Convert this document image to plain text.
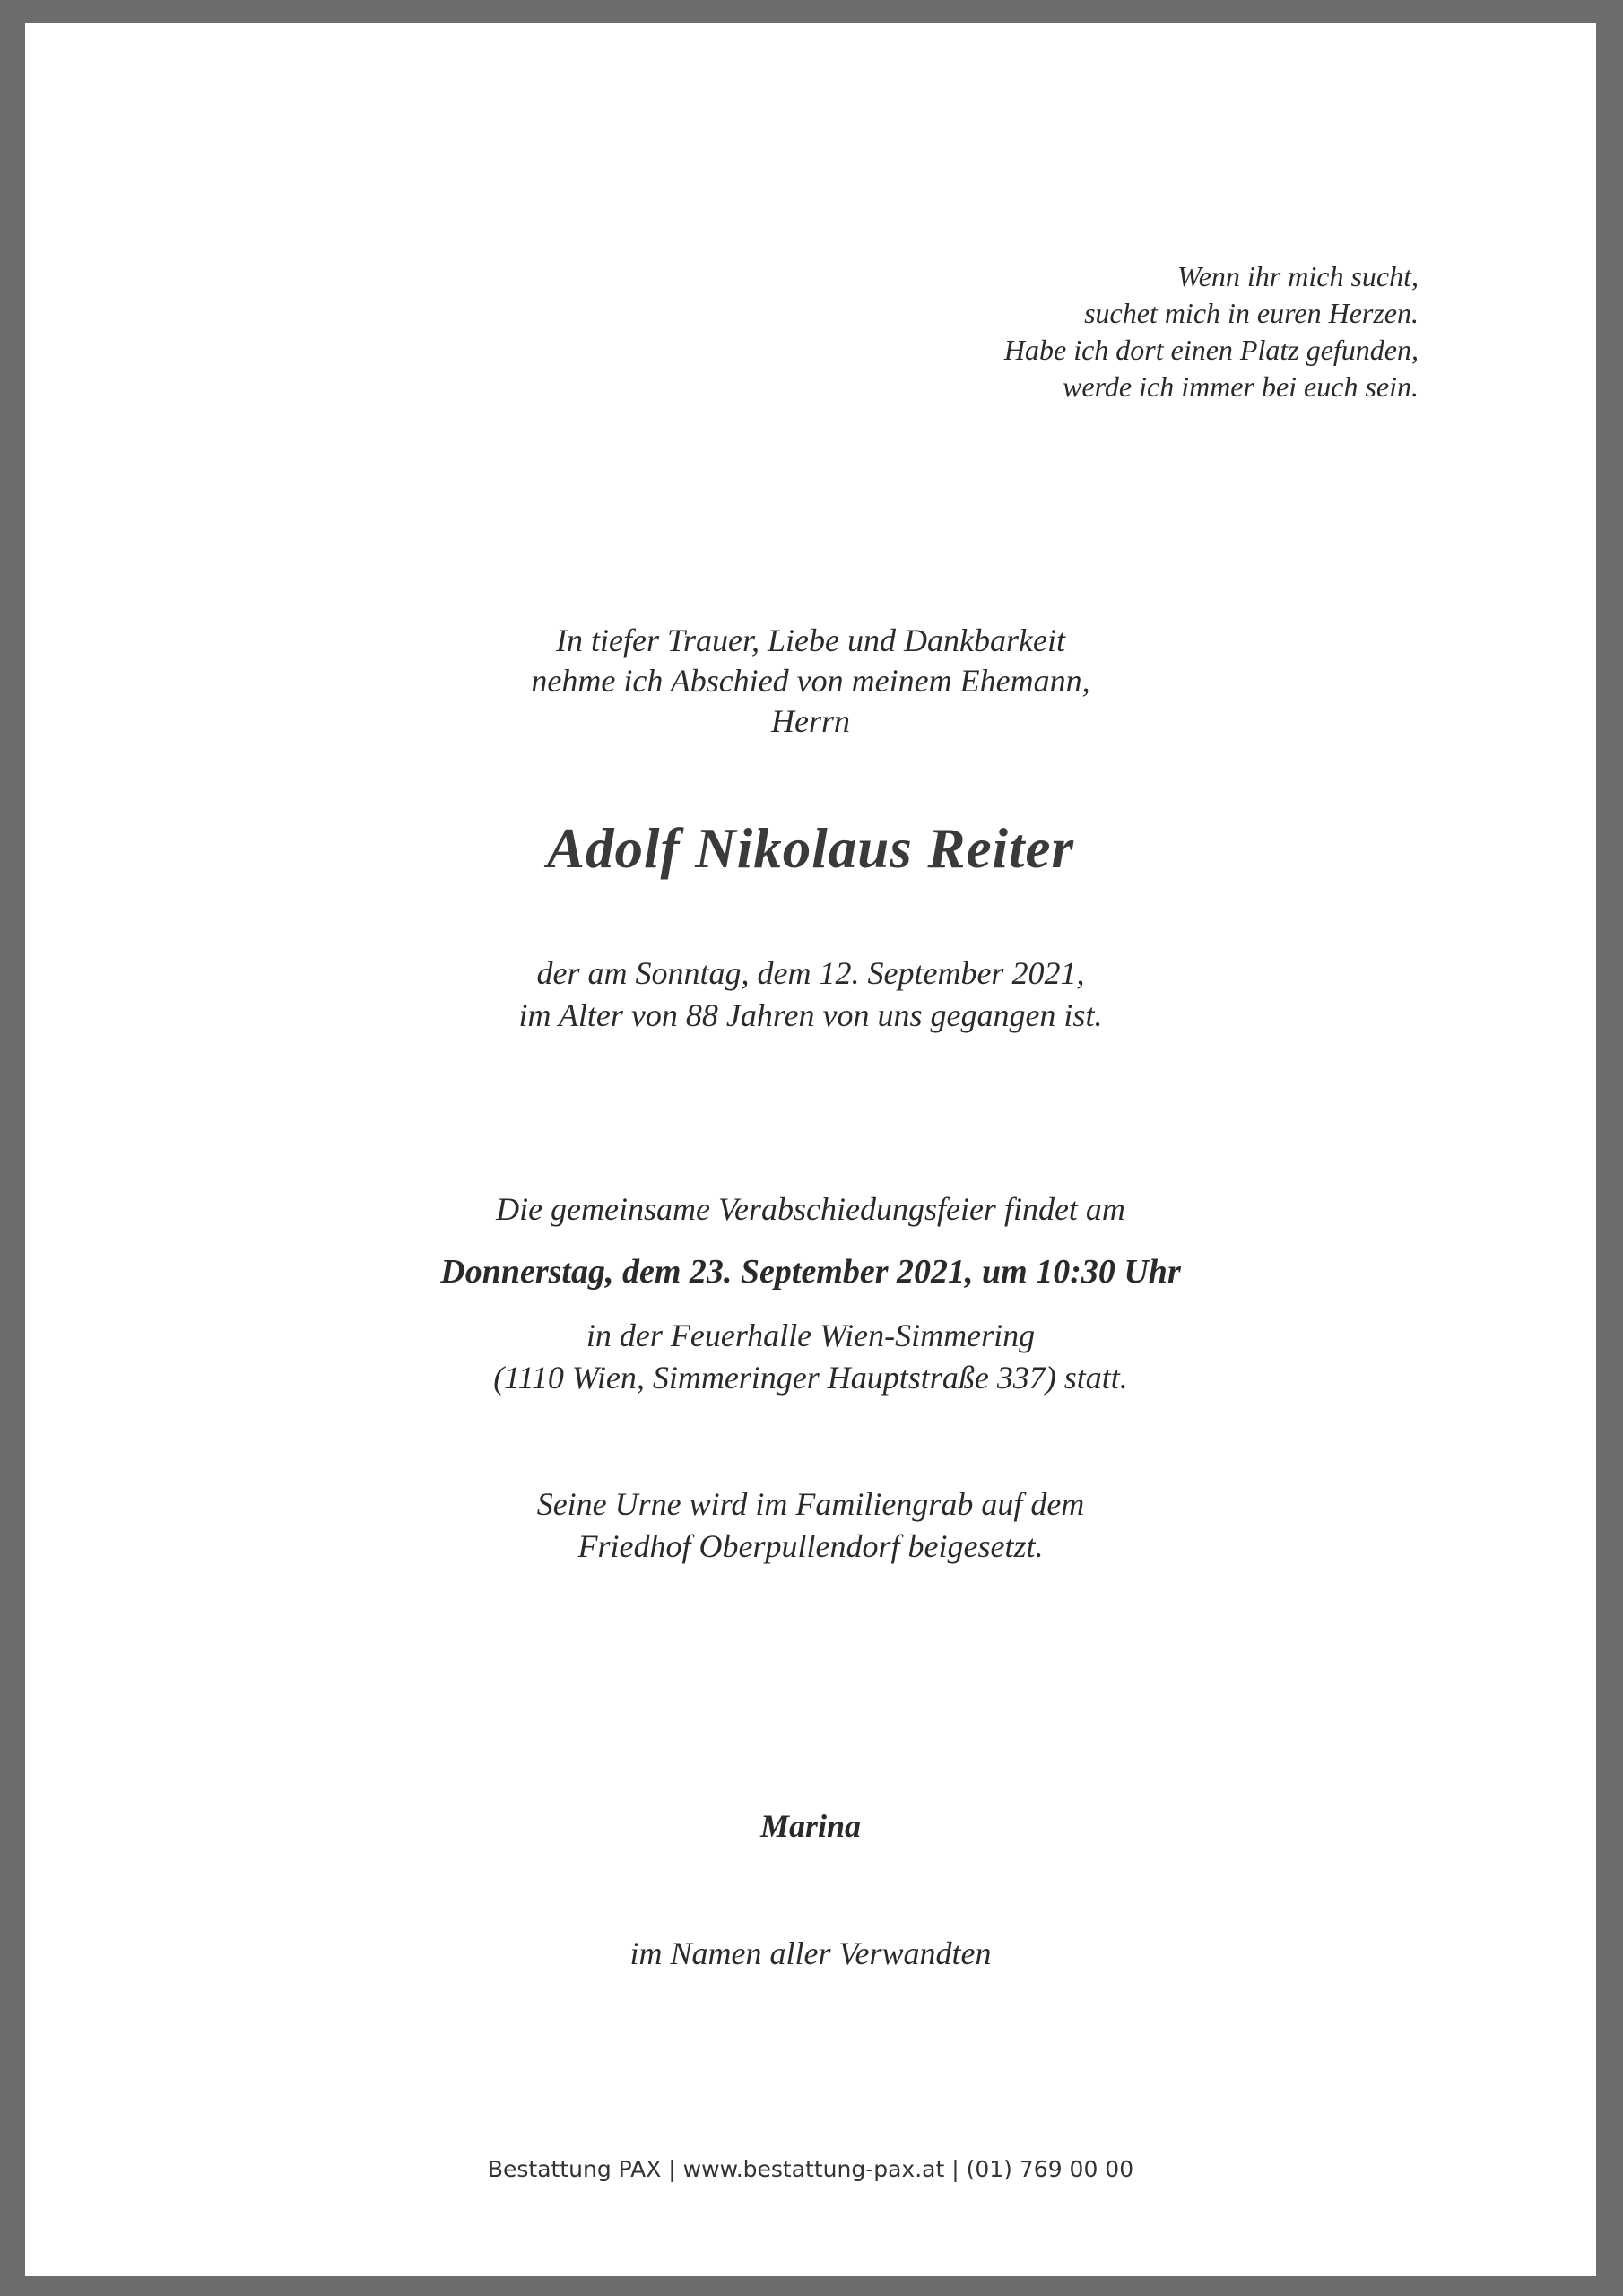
Wenn ihr mich sucht,
suchet mich in euren Herzen.
Habe ich dort einen Platz gefunden,
werde ich immer bei euch sein.
In tiefer Trauer, Liebe und Dankbarkeit
nehme ich Abschied von meinem Ehemann,
Herrn
Adolf Nikolaus Reiter
der am Sonntag, dem 12. September 2021,
im Alter von 88 Jahren von uns gegangen ist.
Die gemeinsame Verabschiedungsfeier findet am
Donnerstag, dem 23. September 2021, um 10:30 Uhr
in der Feuerhalle Wien-Simmering
(1110 Wien, Simmeringer Hauptstraße 337) statt.
Seine Urne wird im Familiengrab auf dem
Friedhof Oberpullendorf beigesetzt.
Marina
im Namen aller Verwandten
Bestattung PAX | www.bestattung-pax.at | (01) 769 00 00
